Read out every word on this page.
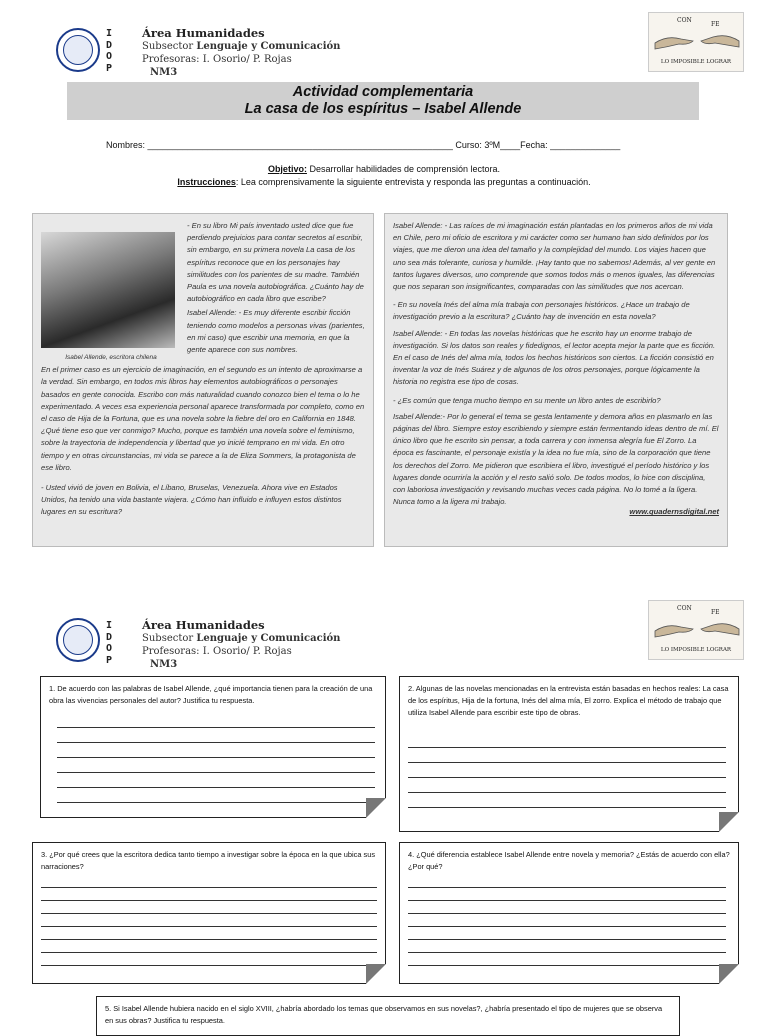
I
D
O
P
Área Humanidades
Subsector Lenguaje y Comunicación
Profesoras: I. Osorio/ P. Rojas
NM3
CON
FE
LO IMPOSIBLE LOGRAR
Actividad complementaria
La casa de los espíritus – Isabel Allende
Nombres: _____________________________________________________________ Curso: 3ºM____Fecha: ______________
Objetivo: Desarrollar habilidades de comprensión lectora.
Instrucciones: Lea comprensivamente la siguiente entrevista y responda las preguntas a continuación.
Isabel Allende, escritora chilena
- En su libro Mi país inventado usted dice que fue perdiendo prejuicios para contar secretos al escribir, sin embargo, en su primera novela La casa de los espíritus reconoce que en los personajes hay similitudes con los parientes de su madre. También Paula es una novela autobiográfica. ¿Cuánto hay de autobiográfico en cada libro que escribe?
Isabel Allende: - Es muy diferente escribir ficción teniendo como modelos a personas vivas (parientes, en mi caso) que escribir una memoria, en que la gente aparece con sus nombres.
En el primer caso es un ejercicio de imaginación, en el segundo es un intento de aproximarse a la verdad. Sin embargo, en todos mis libros hay elementos autobiográficos o personajes basados en gente conocida. Escribo con más naturalidad cuando conozco bien el tema o lo he experimentado. A veces esa experiencia personal aparece transformada por completo, como en el caso de Hija de la Fortuna, que es una novela sobre la fiebre del oro en California en 1848. ¿Qué tiene eso que ver conmigo? Mucho, porque es también una novela sobre el feminismo, sobre la trayectoria de independencia y libertad que yo inicié temprano en mi vida. En otro tiempo y en otras circunstancias, mi vida se parece a la de Eliza Sommers, la protagonista de ese libro.
- Usted vivió de joven en Bolivia, el Líbano, Bruselas, Venezuela. Ahora vive en Estados Unidos, ha tenido una vida bastante viajera. ¿Cómo han influido e influyen estos distintos lugares en su escritura?
Isabel Allende: - Las raíces de mi imaginación están plantadas en los primeros años de mi vida en Chile, pero mi oficio de escritora y mi carácter como ser humano han sido definidos por los viajes, que me dieron una idea del tamaño y la complejidad del mundo. Los viajes hacen que uno sea más tolerante, curiosa y humilde. ¡Hay tanto que no sabemos! Además, al ver gente en tantos lugares diversos, uno comprende que somos todos más o menos iguales, las diferencias que nos separan son insignificantes, comparadas con las similitudes que nos acercan.
- En su novela Inés del alma mía trabaja con personajes históricos. ¿Hace un trabajo de investigación previo a la escritura? ¿Cuánto hay de invención en esta novela?
Isabel Allende: - En todas las novelas históricas que he escrito hay un enorme trabajo de investigación. Si los datos son reales y fidedignos, el lector acepta mejor la parte que es ficción. En el caso de Inés del alma mía, todos los hechos históricos son ciertos. La ficción consistió en inventar la voz de Inés Suárez y de algunos de los otros personajes, porque lógicamente la historia no registra ese tipo de cosas.
- ¿Es común que tenga mucho tiempo en su mente un libro antes de escribirlo?
Isabel Allende:- Por lo general el tema se gesta lentamente y demora años en plasmarlo en las páginas del libro. Siempre estoy escribiendo y siempre están fermentando ideas dentro de mí. El único libro que he escrito sin pensar, a toda carrera y con inmensa alegría fue El Zorro. La época es fascinante, el personaje existía y la idea no fue mía, sino de la corporación que tiene los derechos del Zorro. Me pidieron que escribiera el libro, investigué el período histórico y los lugares donde ocurriría la acción y el resto salió solo. De todos modos, lo hice con disciplina, con laboriosa investigación y revisando muchas veces cada página. No lo tomé a la ligera. Nunca tomo a la ligera mi trabajo.
www.quadernsdigital.net
I
D
O
P
Área Humanidades
Subsector Lenguaje y Comunicación
Profesoras: I. Osorio/ P. Rojas
NM3
CON
FE
LO IMPOSIBLE LOGRAR
1. De acuerdo con las palabras de Isabel Allende, ¿qué importancia tienen para la creación de una obra las vivencias personales del autor? Justifica tu respuesta.
2. Algunas de las novelas mencionadas en la entrevista están basadas en hechos reales: La casa de los espíritus, Hija de la fortuna, Inés del alma mía, El zorro. Explica el método de trabajo que utiliza Isabel Allende para escribir este tipo de obras.
3. ¿Por qué crees que la escritora dedica tanto tiempo a investigar sobre la época en la que ubica sus narraciones?
4. ¿Qué diferencia establece Isabel Allende entre novela y memoria? ¿Estás de acuerdo con ella? ¿Por qué?
5. Si Isabel Allende hubiera nacido en el siglo XVIII, ¿habría abordado los temas que observamos en sus novelas?, ¿habría presentado el tipo de mujeres que se observa en sus obras? Justifica tu respuesta.
